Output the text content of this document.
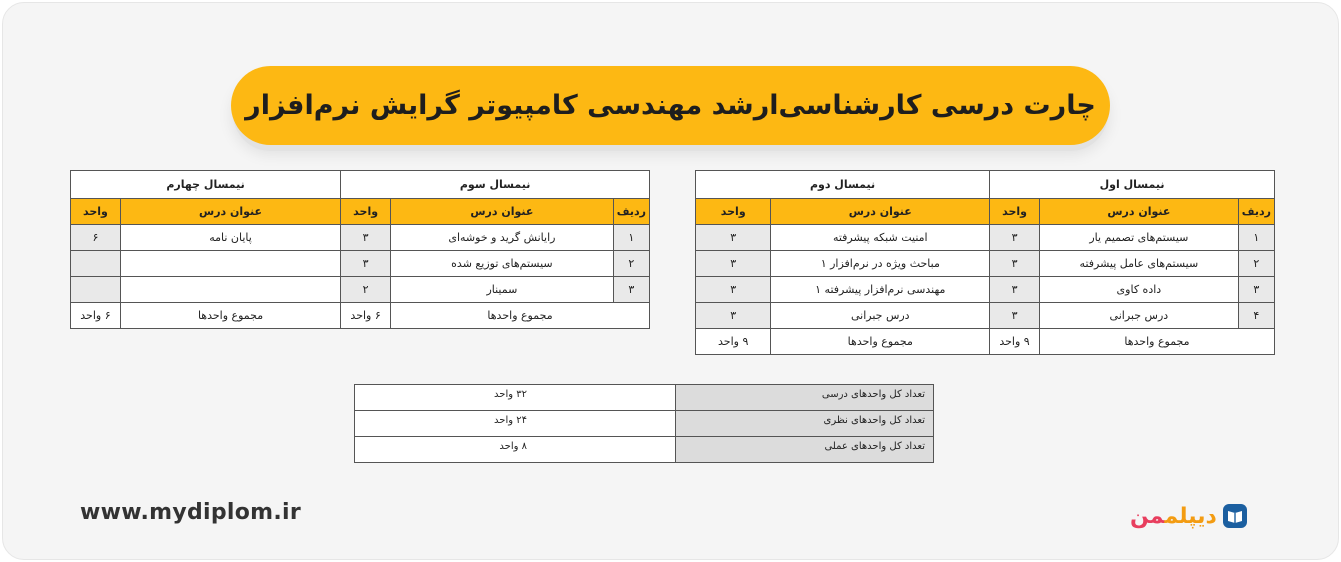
چارت درسی کارشناسی‌ارشد مهندسی کامپیوتر گرایش نرم‌افزار
نیمسال اول			نیمسال دوم	
ردیف	عنوان درس	واحد	عنوان درس	واحد
۱	سیستم‌های تصمیم یار	۳	امنیت شبکه پیشرفته	۳
۲	سیستم‌های عامل پیشرفته	۳	مباحث ویژه در نرم‌افزار ۱	۳
۳	داده کاوی	۳	مهندسی نرم‌افزار پیشرفته ۱	۳
۴	درس جبرانی	۳	درس جبرانی	۳
مجموع واحدها		۹ واحد	مجموع واحدها	۹ واحد
نیمسال سوم			نیمسال چهارم	
ردیف	عنوان درس	واحد	عنوان درس	واحد
۱	رایانش گرید و خوشه‌ای	۳	پایان نامه	۶
۲	سیستم‌های توزیع شده	۳		
۳	سمینار	۲		
مجموع واحدها		۶ واحد	مجموع واحدها	۶ واحد
تعداد کل واحدهای درسی	۳۲ واحد
تعداد کل واحدهای نظری	۲۴ واحد
تعداد کل واحدهای عملی	۸ واحد
www.mydiplom.ir	دیپلممن
